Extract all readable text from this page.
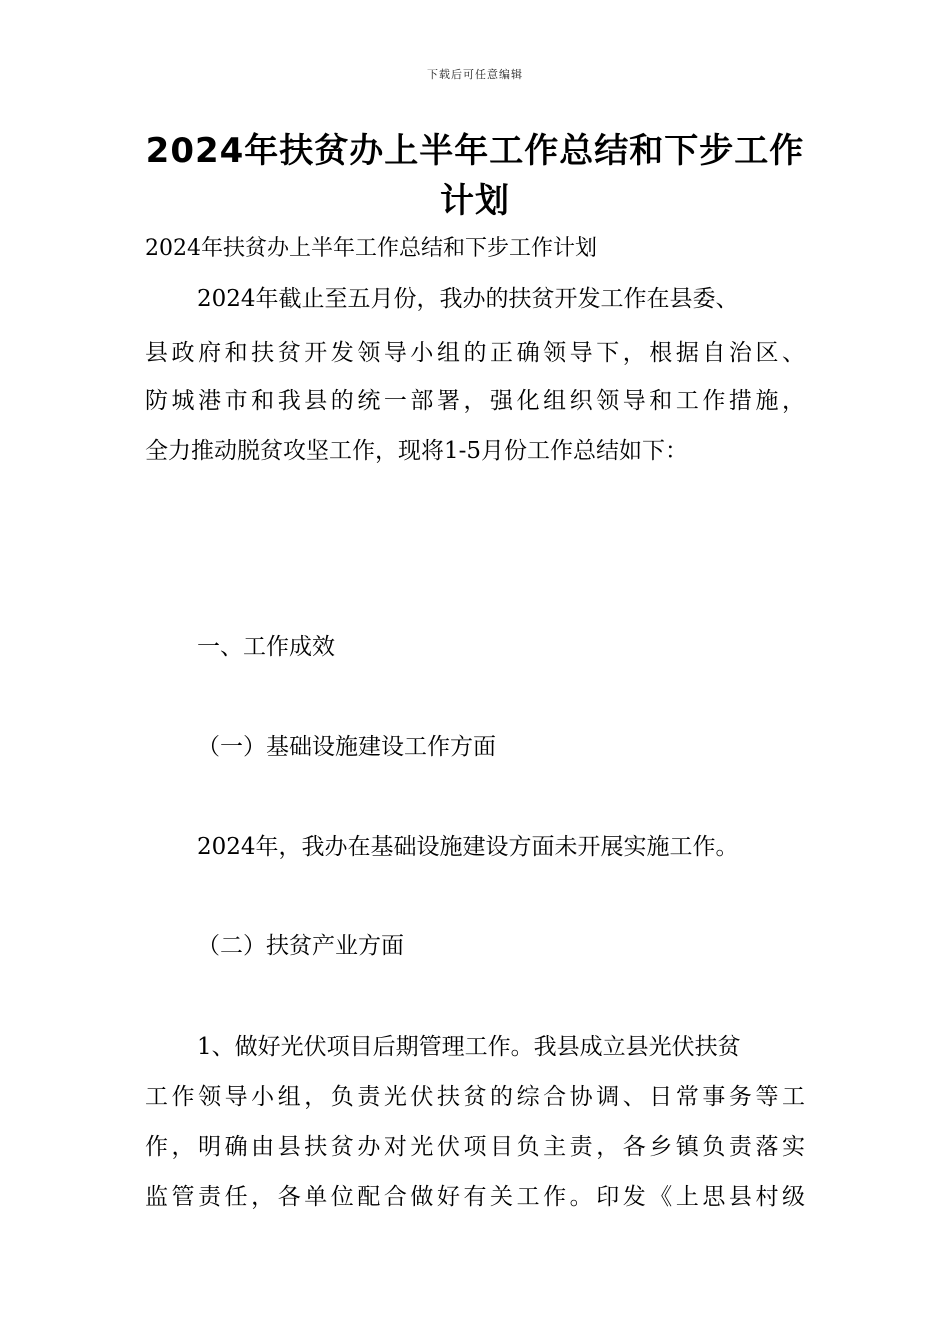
下载后可任意编辑
2024年扶贫办上半年工作总结和下步工作
计划
2024年扶贫办上半年工作总结和下步工作计划
2024年截止至五月份，我办的扶贫开发工作在县委、
县政府和扶贫开发领导小组的正确领导下，根据自治区、
防城港市和我县的统一部署，强化组织领导和工作措施，
全力推动脱贫攻坚工作，现将1-5月份工作总结如下：
一、工作成效
（一）基础设施建设工作方面
2024年，我办在基础设施建设方面未开展实施工作。
（二）扶贫产业方面
1、做好光伏项目后期管理工作。我县成立县光伏扶贫
工作领导小组，负责光伏扶贫的综合协调、日常事务等工
作，明确由县扶贫办对光伏项目负主责，各乡镇负责落实
监管责任，各单位配合做好有关工作。印发《上思县村级
